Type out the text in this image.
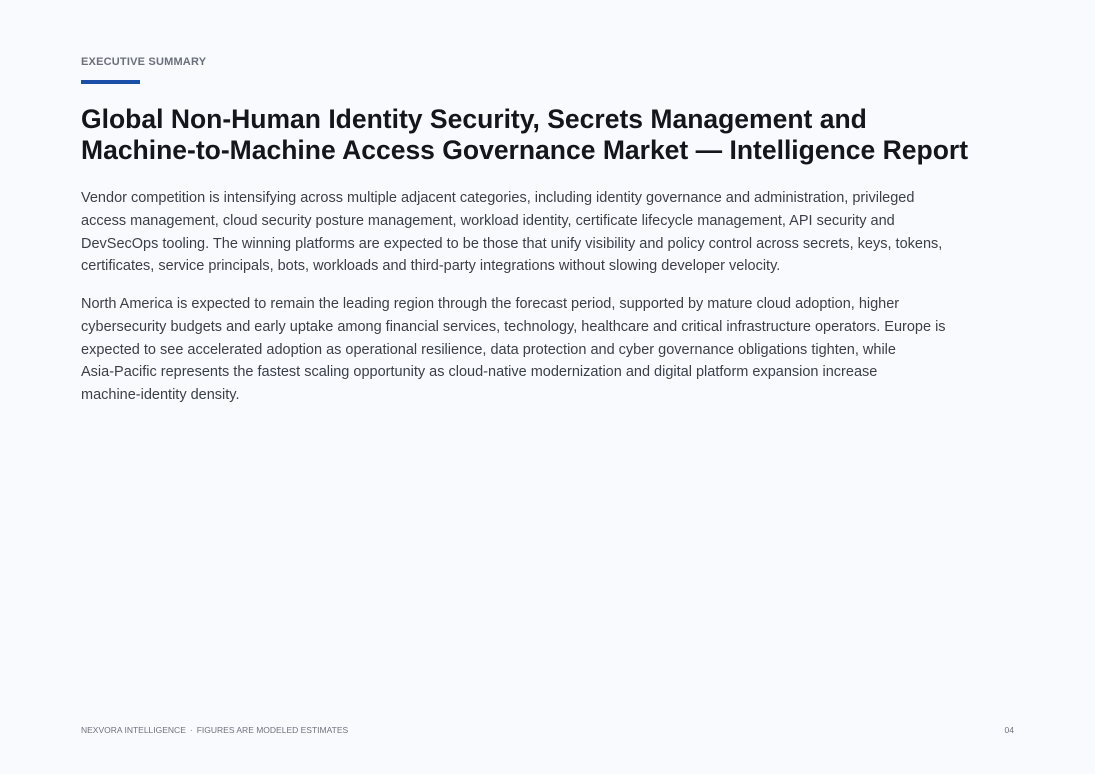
EXECUTIVE SUMMARY
Global Non-Human Identity Security, Secrets Management and
Machine-to-Machine Access Governance Market — Intelligence Report

Vendor competition is intensifying across multiple adjacent categories, including identity governance and administration, privileged
access management, cloud security posture management, workload identity, certificate lifecycle management, API security and
DevSecOps tooling. The winning platforms are expected to be those that unify visibility and policy control across secrets, keys, tokens,
certificates, service principals, bots, workloads and third-party integrations without slowing developer velocity.

North America is expected to remain the leading region through the forecast period, supported by mature cloud adoption, higher
cybersecurity budgets and early uptake among financial services, technology, healthcare and critical infrastructure operators. Europe is
expected to see accelerated adoption as operational resilience, data protection and cyber governance obligations tighten, while
Asia-Pacific represents the fastest scaling opportunity as cloud-native modernization and digital platform expansion increase
machine-identity density.

NEXVORA INTELLIGENCE · FIGURES ARE MODELED ESTIMATES	04
